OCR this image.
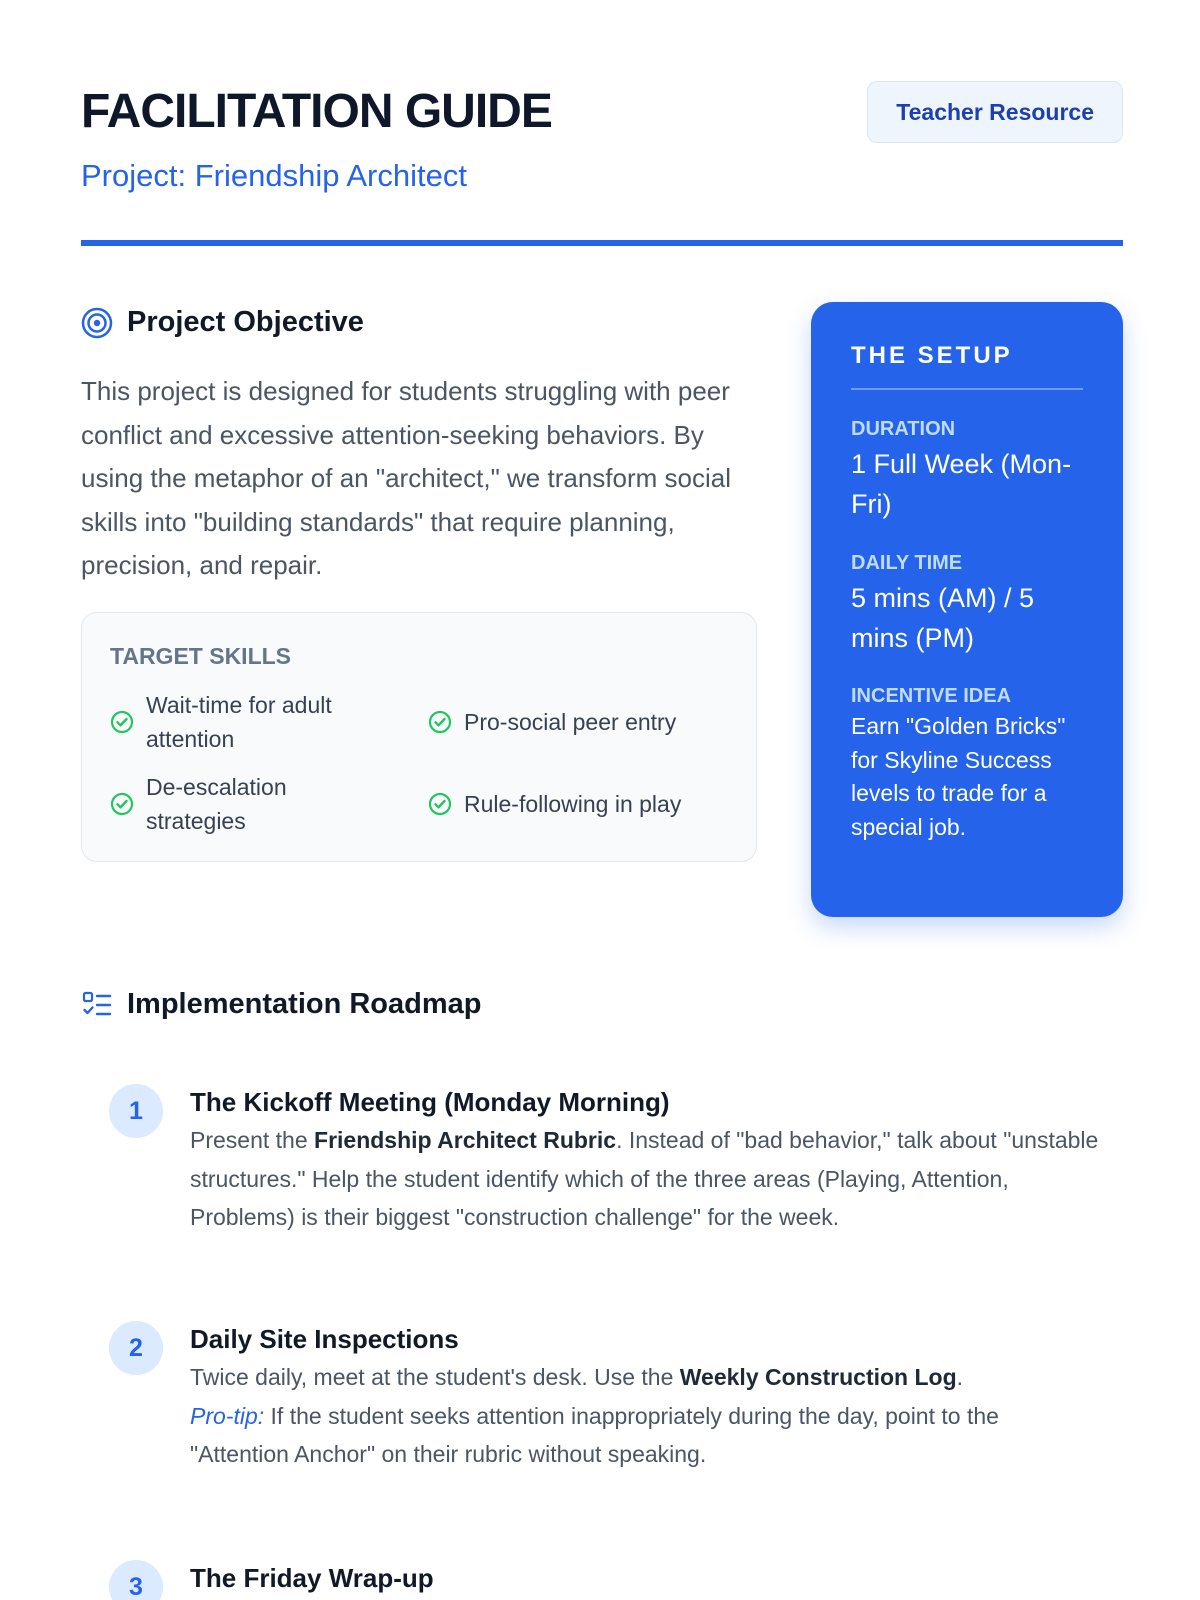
FACILITATION GUIDE
Project: Friendship Architect
Teacher Resource
Project Objective

This project is designed for students struggling with peer conflict and excessive attention-seeking behaviors. By using the metaphor of an "architect," we transform social skills into "building standards" that require planning, precision, and repair.

TARGET SKILLS
Wait-time for adult attention
Pro-social peer entry
De-escalation strategies
Rule-following in play
THE SETUP
DURATION
1 Full Week (Mon-Fri)
DAILY TIME
5 mins (AM) / 5 mins (PM)
INCENTIVE IDEA
Earn "Golden Bricks" for Skyline Success levels to trade for a special job.
Implementation Roadmap
1	The Kickoff Meeting (Monday Morning)

Present the Friendship Architect Rubric. Instead of "bad behavior," talk about "unstable structures." Help the student identify which of the three areas (Playing, Attention, Problems) is their biggest "construction challenge" for the week.

2	Daily Site Inspections

Twice daily, meet at the student's desk. Use the Weekly Construction Log.
Pro-tip: If the student seeks attention inappropriately during the day, point to the "Attention Anchor" on their rubric without speaking.

3	The Friday Wrap-up
